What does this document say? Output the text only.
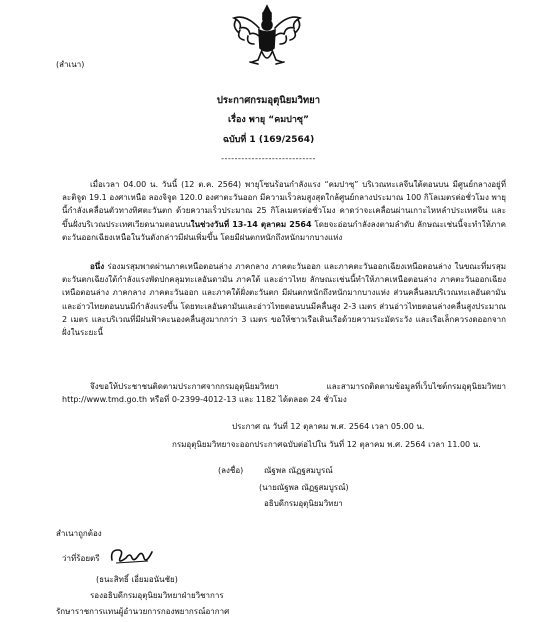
(สำเนา)
ประกาศกรมอุตุนิยมวิทยา
เรื่อง พายุ “คมปาซุ”
ฉบับที่ 1 (169/2564)
----------------------------
เมื่อเวลา 04.00 น. วันนี้ (12 ต.ค. 2564) พายุโซนร้อนกำลังแรง “คมปาซุ” บริเวณทะเลจีนใต้ตอนบน มีศูนย์กลางอยู่ที่ละติจูด 19.1 องศาเหนือ ลองจิจูด 120.0 องศาตะวันออก มีความเร็วลมสูงสุดใกล้ศูนย์กลางประมาณ 100 กิโลเมตรต่อชั่วโมง พายุนี้กำลังเคลื่อนตัวทางทิศตะวันตก ด้วยความเร็วประมาณ 25 กิโลเมตรต่อชั่วโมง คาดว่าจะเคลื่อนผ่านเกาะไหหลำประเทศจีน และขึ้นฝั่งบริเวณประเทศเวียดนามตอนบนในช่วงวันที่ 13-14 ตุลาคม 2564 โดยจะอ่อนกำลังลงตามลำดับ ลักษณะเช่นนี้จะทำให้ภาคตะวันออกเฉียงเหนือในวันดังกล่าวมีฝนเพิ่มขึ้น โดยมีฝนตกหนักถึงหนักมากบางแห่ง
อนึ่ง ร่องมรสุมพาดผ่านภาคเหนือตอนล่าง ภาคกลาง ภาคตะวันออก และภาคตะวันออกเฉียงเหนือตอนล่าง ในขณะที่มรสุมตะวันตกเฉียงใต้กำลังแรงพัดปกคลุมทะเลอันดามัน ภาคใต้ และอ่าวไทย ลักษณะเช่นนี้ทำให้ภาคเหนือตอนล่าง ภาคตะวันออกเฉียงเหนือตอนล่าง ภาคกลาง ภาคตะวันออก และภาคใต้ฝั่งตะวันตก มีฝนตกหนักถึงหนักมากบางแห่ง ส่วนคลื่นลมบริเวณทะเลอันดามันและอ่าวไทยตอนบนมีกำลังแรงขึ้น โดยทะเลอันดามันและอ่าวไทยตอนบนมีคลื่นสูง 2-3 เมตร ส่วนอ่าวไทยตอนล่างคลื่นสูงประมาณ 2 เมตร และบริเวณที่มีฝนฟ้าคะนองคลื่นสูงมากกว่า 3 เมตร ขอให้ชาวเรือเดินเรือด้วยความระมัดระวัง และเรือเล็กควรงดออกจากฝั่งในระยะนี้
จึงขอให้ประชาชนติดตามประกาศจากกรมอุตุนิยมวิทยา และสามารถติดตามข้อมูลที่เว็บไซต์กรมอุตุนิยมวิทยา http://www.tmd.go.th หรือที่ 0-2399-4012-13 และ 1182 ได้ตลอด 24 ชั่วโมง
ประกาศ ณ วันที่ 12 ตุลาคม พ.ศ. 2564 เวลา 05.00 น.
กรมอุตุนิยมวิทยาจะออกประกาศฉบับต่อไปใน วันที่ 12 ตุลาคม พ.ศ. 2564 เวลา 11.00 น.
(ลงชื่อ)	ณัฐพล ณัฏฐสมบูรณ์
(นายณัฐพล ณัฏฐสมบูรณ์)
อธิบดีกรมอุตุนิยมวิทยา
สำเนาถูกต้อง
ว่าที่ร้อยตรี
(ธนะสิทธิ์ เอี่ยมอนันชัย)
รองอธิบดีกรมอุตุนิยมวิทยาฝ่ายวิชาการ
รักษาราชการแทนผู้อำนวยการกองพยากรณ์อากาศ
